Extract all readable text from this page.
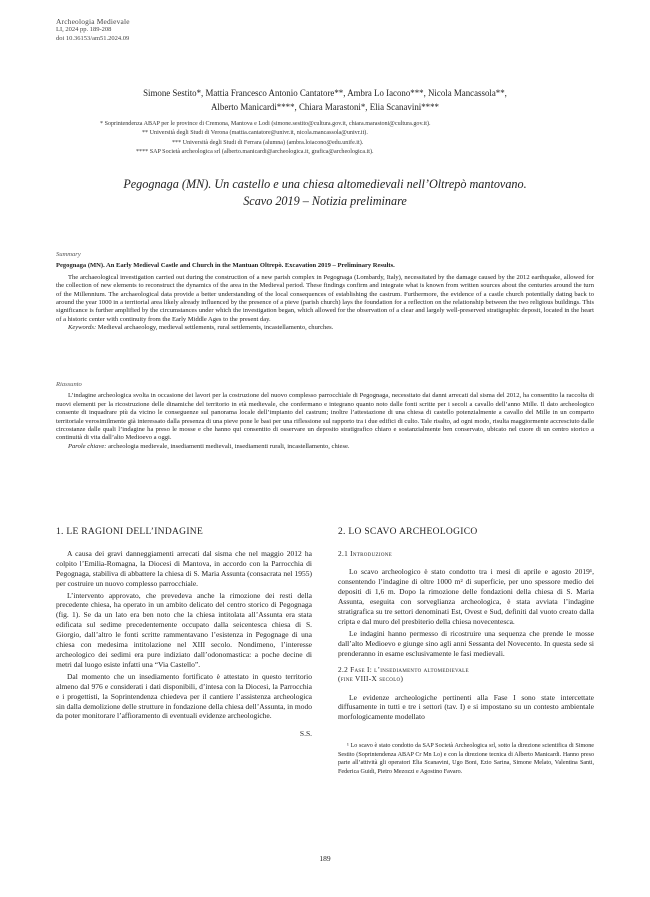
Archeologia Medievale
LI, 2024 pp. 189-208
doi 10.36153/am51.2024.09
Simone Sestito*, Mattia Francesco Antonio Cantatore**, Ambra Lo Iacono***, Nicola Mancassola**,
Alberto Manicardi****, Chiara Marastoni*, Elia Scanavini****
* Soprintendenza ABAP per le province di Cremona, Mantova e Lodi (simone.sestito@cultura.gov.it, chiara.marastoni@cultura.gov.it).
** Università degli Studi di Verona (mattia.cantatore@univr.it, nicola.mancassola@univr.it).
*** Università degli Studi di Ferrara (alumna) (ambra.loiacono@edu.unife.it).
**** SAP Società archeologica srl (alberto.manicardi@archeologica.it, grafica@archeologica.it).
Pegognaga (MN). Un castello e una chiesa altomedievali nell’Oltrepò mantovano.
Scavo 2019 – Notizia preliminare
Summary
Pegognaga (MN). An Early Medieval Castle and Church in the Mantuan Oltrepò. Excavation 2019 – Preliminary Results.

The archaeological investigation carried out during the construction of a new parish complex in Pegognaga (Lombardy, Italy), necessitated by the damage caused by the 2012 earthquake, allowed for the collection of new elements to reconstruct the dynamics of the area in the Medieval period. These findings confirm and integrate what is known from written sources about the centuries around the turn of the Millennium. The archaeological data provide a better understanding of the local consequences of establishing the castrum. Furthermore, the evidence of a castle church potentially dating back to around the year 1000 in a territorial area likely already influenced by the presence of a pieve (parish church) lays the foundation for a reflection on the relationship between the two religious buildings. This significance is further amplified by the circumstances under which the investigation began, which allowed for the observation of a clear and largely well-preserved stratigraphic deposit, located in the heart of a historic center with continuity from the Early Middle Ages to the present day.

Keywords: Medieval archaeology, medieval settlements, rural settlements, incastellamento, churches.

Riassunto

L’indagine archeologica svolta in occasione dei lavori per la costruzione del nuovo complesso parrocchiale di Pegognaga, necessitato dai danni arrecati dal sisma del 2012, ha consentito la raccolta di nuovi elementi per la ricostruzione delle dinamiche del territorio in età medievale, che confermano e integrano quanto noto dalle fonti scritte per i secoli a cavallo dell’anno Mille. Il dato archeologico consente di inquadrare più da vicino le conseguenze sul panorama locale dell’impianto del castrum; inoltre l’attestazione di una chiesa di castello potenzialmente a cavallo del Mille in un comparto territoriale verosimilmente già interessato dalla presenza di una pieve pone le basi per una riflessione sul rapporto tra i due edifici di culto. Tale risalto, ad ogni modo, risulta maggiormente accresciuto dalle circostanze dalle quali l’indagine ha preso le mosse e che hanno qui consentito di osservare un deposito stratigrafico chiaro e sostanzialmente ben conservato, ubicato nel cuore di un centro storico a continuità di vita dall’alto Medioevo a oggi.

Parole chiave: archeologia medievale, insediamenti medievali, insediamenti rurali, incastellamento, chiese.

1. LE RAGIONI DELL’INDAGINE

A causa dei gravi danneggiamenti arrecati dal sisma che nel maggio 2012 ha colpito l’Emilia-Romagna, la Diocesi di Mantova, in accordo con la Parrocchia di Pegognaga, stabiliva di abbattere la chiesa di S. Maria Assunta (consacrata nel 1955) per costruire un nuovo complesso parrocchiale.

L’intervento approvato, che prevedeva anche la rimozione dei resti della precedente chiesa, ha operato in un ambito delicato del centro storico di Pegognaga (fig. 1). Se da un lato era ben noto che la chiesa intitolata all’Assunta era stata edificata sul sedime precedentemente occupato dalla seicentesca chiesa di S. Giorgio, dall’altro le fonti scritte rammentavano l’esistenza in Pegognage di una chiesa con medesima intitolazione nel XIII secolo. Nondimeno, l’interesse archeologico dei sedimi era pure indiziato dall’odonomastica: a poche decine di metri dal luogo esiste infatti una “Via Castello”.

Dal momento che un insediamento fortificato è attestato in questo territorio almeno dal 976 e considerati i dati disponibili, d’intesa con la Diocesi, la Parrocchia e i progettisti, la Soprintendenza chiedeva per il cantiere l’assistenza archeologica sin dalla demolizione delle strutture in fondazione della chiesa dell’Assunta, in modo da poter monitorare l’affioramento di eventuali evidenze archeologiche.

S.S.
2. LO SCAVO ARCHEOLOGICO
2.1 Introduzione

Lo scavo archeologico è stato condotto tra i mesi di aprile e agosto 2019¹, consentendo l’indagine di oltre 1000 m² di superficie, per uno spessore medio dei depositi di 1,6 m. Dopo la rimozione delle fondazioni della chiesa di S. Maria Assunta, eseguita con sorveglianza archeologica, è stata avviata l’indagine stratigrafica su tre settori denominati Est, Ovest e Sud, definiti dal vuoto creato dalla cripta e dal muro del presbiterio della chiesa novecentesca.

Le indagini hanno permesso di ricostruire una sequenza che prende le mosse dall’alto Medioevo e giunge sino agli anni Sessanta del Novecento. In questa sede si prenderanno in esame esclusivamente le fasi medievali.

2.2 Fase I: l’insediamento altomedievale
(fine VIII-X secolo)

Le evidenze archeologiche pertinenti alla Fase I sono state intercettate diffusamente in tutti e tre i settori (tav. I) e si impostano su un contesto ambientale morfologicamente modellato

¹ Lo scavo è stato condotto da SAP Società Archeologica srl, sotto la direzione scientifica di Simone Sestito (Soprintendenza ABAP Cr Mn Lo) e con la direzione tecnica di Alberto Manicardi. Hanno preso parte all’attività gli operatori Elia Scanavini, Ugo Boni, Ezio Sarina, Simone Melato, Valentina Santi, Federica Guidi, Pietro Mezozzi e Agostino Favaro.

189
